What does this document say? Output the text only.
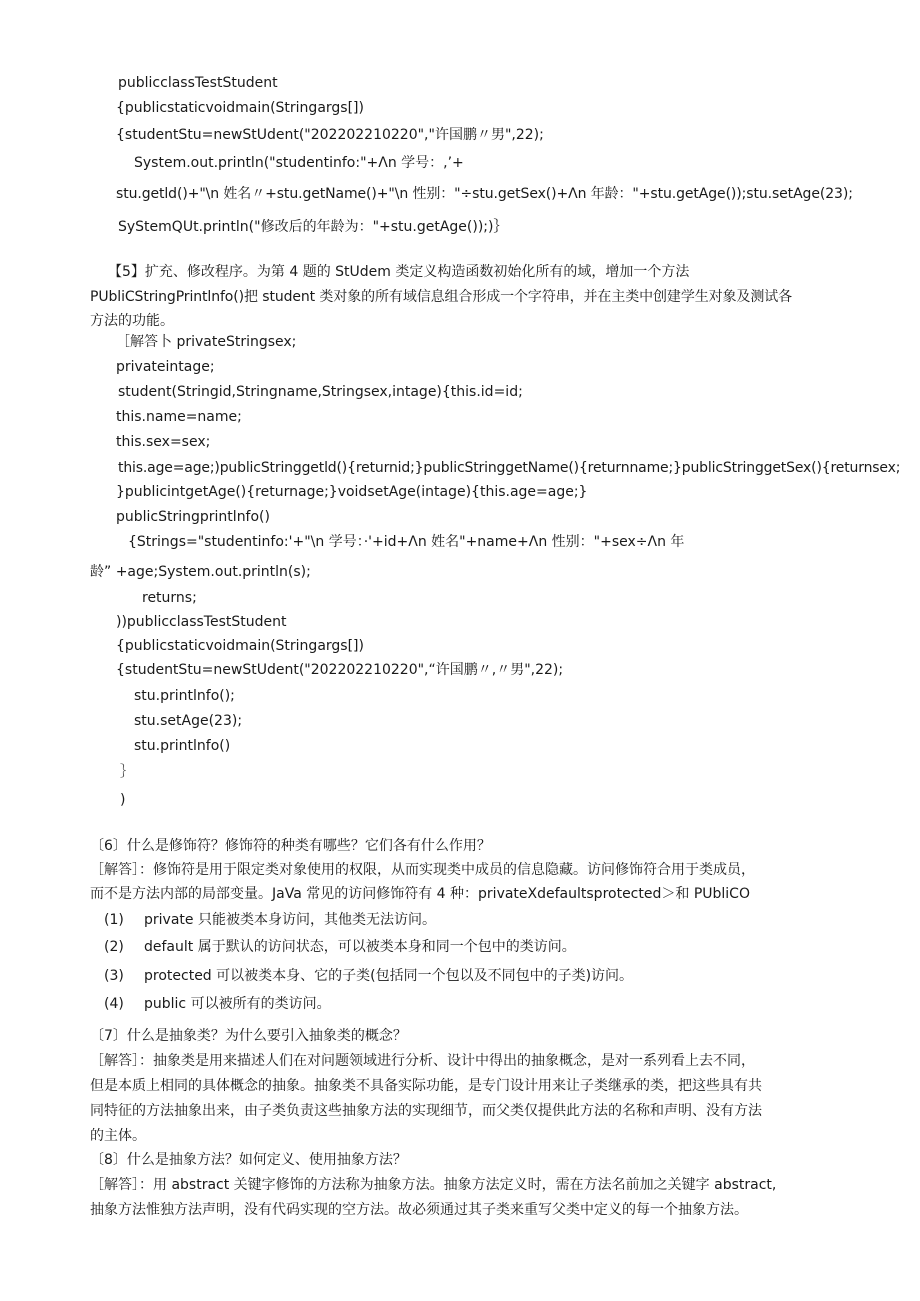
publicclassTestStudent
{publicstaticvoidmain(Stringargs[])
{studentStu=newStUdent("202202210220","许国鹏〃男",22);
System.out.println("studentinfo:"+Λn 学号：,’+
stu.getld()+"\n 姓名〃+stu.getName()+"\n 性别："÷stu.getSex()+Λn 年龄："+stu.getAge());stu.setAge(23);
SyStemQUt.println("修改后的年龄为："+stu.getAge());)｝
【5】扩充、修改程序。为第 4 题的 StUdem 类定义构造函数初始化所有的域，增加一个方法
PUbliCStringPrintlnfo()把 student 类对象的所有域信息组合形成一个字符串，并在主类中创建学生对象及测试各
方法的功能。
［解答卜 privateStringsex;
privateintage;
student(Stringid,Stringname,Stringsex,intage){this.id=id;
this.name=name;
this.sex=sex;
this.age=age;)publicStringgetld(){returnid;}publicStringgetName(){returnname;}publicStringgetSex(){returnsex;
}publicintgetAge(){returnage;}voidsetAge(intage){this.age=age;}
publicStringprintlnfo()
{Strings="studentinfo:'+"\n 学号：·'+id+Λn 姓名"+name+Λn 性别："+sex÷Λn 年
龄” +age;System.out.println(s);
returns;
))publicclassTestStudent
{publicstaticvoidmain(Stringargs[])
{studentStu=newStUdent("202202210220",“许国鹏〃,〃男",22);
stu.printlnfo();
stu.setAge(23);
stu.printlnfo()
｝
)
〔6〕什么是修饰符？修饰符的种类有哪些？它们各有什么作用？
［解答］：修饰符是用于限定类对象使用的权限，从而实现类中成员的信息隐藏。访问修饰符合用于类成员，
而不是方法内部的局部变量。JaVa 常见的访问修饰符有 4 种：privateXdefaultsprotected＞和 PUbliCO
(1) private 只能被类本身访问，其他类无法访问。
(2) default 属于默认的访问状态，可以被类本身和同一个包中的类访问。
(3) protected 可以被类本身、它的子类(包括同一个包以及不同包中的子类)访问。
(4) public 可以被所有的类访问。
〔7〕什么是抽象类？为什么要引入抽象类的概念？
［解答］：抽象类是用来描述人们在对问题领域进行分析、设计中得出的抽象概念，是对一系列看上去不同，
但是本质上相同的具体概念的抽象。抽象类不具备实际功能，是专门设计用来让子类继承的类，把这些具有共
同特征的方法抽象出来，由子类负责这些抽象方法的实现细节，而父类仅提供此方法的名称和声明、没有方法
的主体。
〔8〕什么是抽象方法？如何定义、使用抽象方法？
［解答］：用 abstract 关键字修饰的方法称为抽象方法。抽象方法定义时，需在方法名前加之关键字 abstract,
抽象方法惟独方法声明，没有代码实现的空方法。故必须通过其子类来重写父类中定义的每一个抽象方法。
